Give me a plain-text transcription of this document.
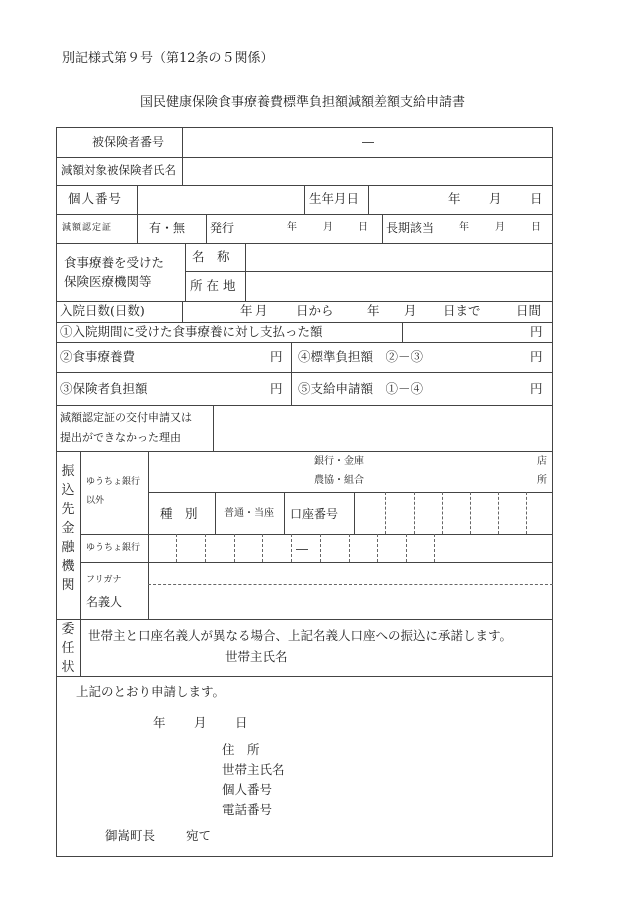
別記様式第９号（第12条の５関係）
国民健康保険食事療養費標準負担額減額差額支給申請書
被保険者番号	―
減額対象被保険者氏名
個人番号	生年月日	年 月 日
減額認定証	有・無 発行	年	月	日 長期該当 年	月	日
食事療養を受けた
保険医療機関等
名　称
所 在 地
入院日数(日数)	年 月 日から	年 月 日まで	日間
①入院期間に受けた食事療養に対し支払った額	円
②食事療養費	円 ④標準負担額　②－③	円
③保険者負担額	円 ⑤支給申請額　①－④	円
減額認定証の交付申請又は
提出ができなかった理由
振
込
先
金
融
機
関
ゆうちょ銀行
以外
銀行・金庫
農協・組合
店
所
種　別	普通・当座 口座番号
ゆうちょ銀行	―
フリガナ
名義人
委
任
状
世帯主と口座名義人が異なる場合、上記名義人口座への振込に承諾します。
世帯主氏名
上記のとおり申請します。
年 月 日
住　所
世帯主氏名
個人番号
電話番号
御嵩町長 宛て
